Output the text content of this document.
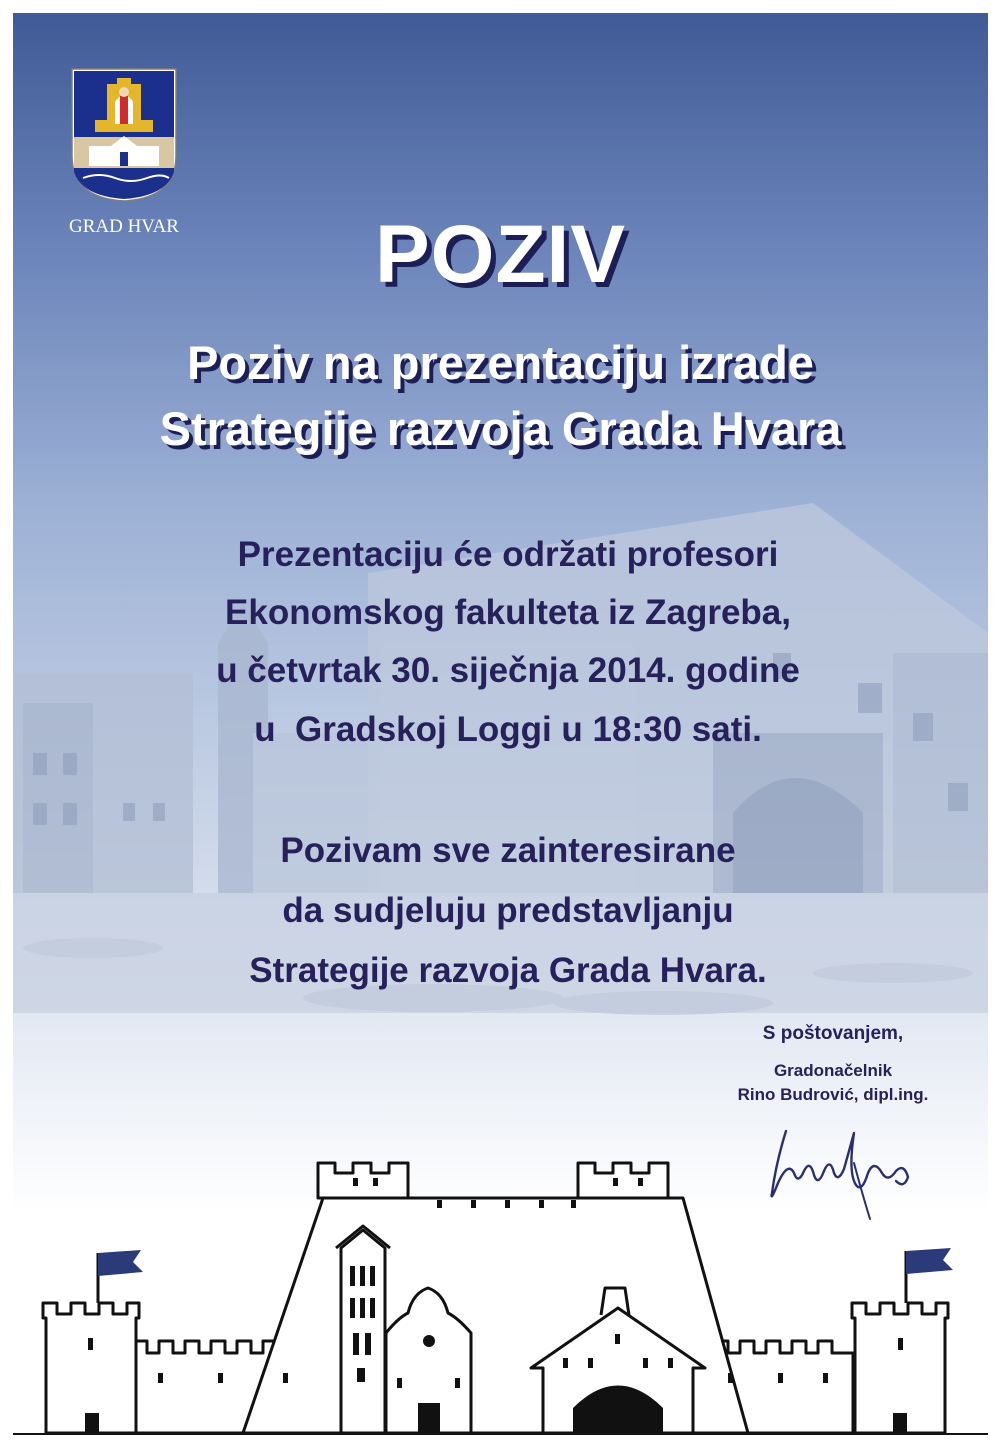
GRAD HVAR	POZIV
Poziv na prezentaciju izrade
Strategije razvoja Grada Hvara
Prezentaciju će održati profesori
Ekonomskog fakulteta iz Zagreba,
u četvrtak 30. siječnja 2014. godine
u  Gradskoj Loggi u 18:30 sati.
Pozivam sve zainteresirane
da sudjeluju predstavljanju
Strategije razvoja Grada Hvara.
S poštovanjem,
Gradonačelnik
Rino Budrović, dipl.ing.
